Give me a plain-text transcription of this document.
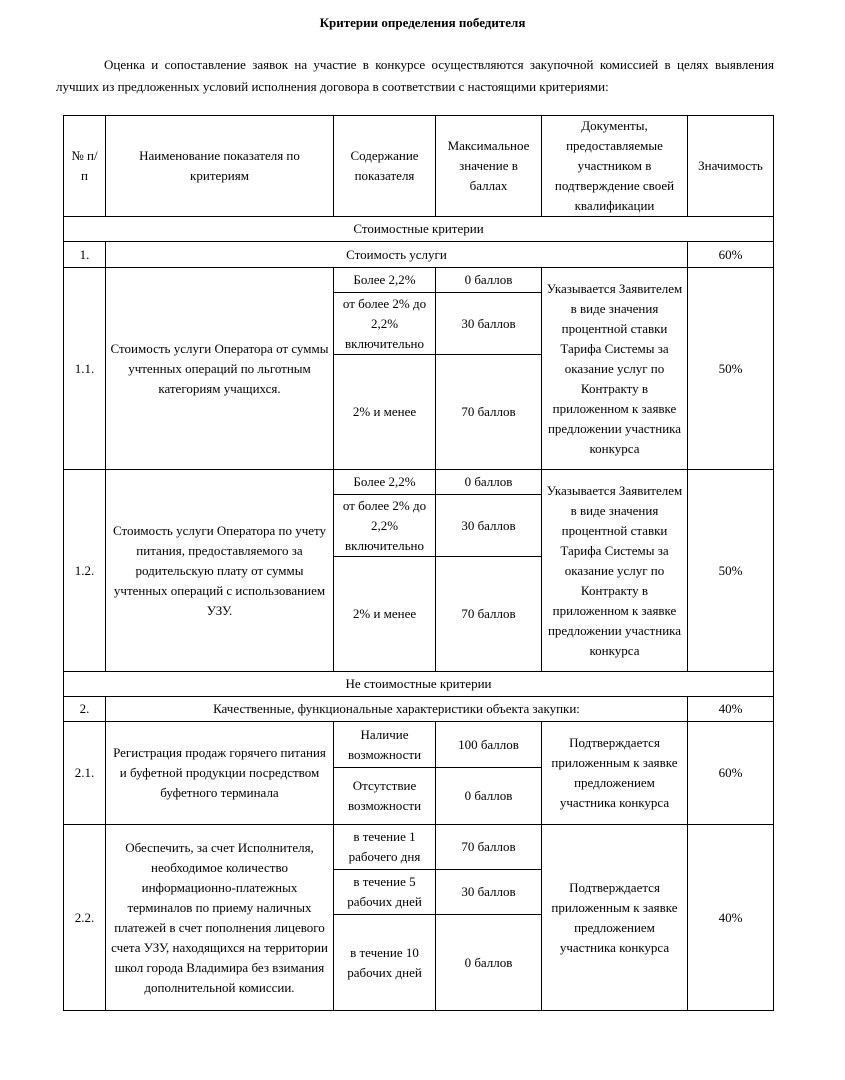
Критерии определения победителя
Оценка и сопоставление заявок на участие в конкурсе осуществляются закупочной комиссией в целях выявления лучших из предложенных условий исполнения договора в соответствии с настоящими критериями:
№ п/п	Наименование показателя по критериям	Содержание показателя	Максимальное значение в баллах	Документы, предоставляемые участником в подтверждение своей квалификации	Значимость
Стоимостные критерии					
1.	Стоимость услуги				60%
1.1.	Стоимость услуги Оператора от суммы учтенных операций по льготным категориям учащихся.	Более 2,2%	0 баллов	Указывается Заявителем в виде значения процентной ставки Тарифа Системы за оказание услуг по Контракту в приложенном к заявке предложении участника конкурса	50%
		от более 2% до 2,2% включительно	30 баллов		
		2% и менее	70 баллов		
1.2.	Стоимость услуги Оператора по учету питания, предоставляемого за родительскую плату от суммы учтенных операций с использованием УЗУ.	Более 2,2%	0 баллов	Указывается Заявителем в виде значения процентной ставки Тарифа Системы за оказание услуг по Контракту в приложенном к заявке предложении участника конкурса	50%
		от более 2% до 2,2% включительно	30 баллов		
		2% и менее	70 баллов		
Не стоимостные критерии					
2.	Качественные, функциональные характеристики объекта закупки:				40%
2.1.	Регистрация продаж горячего питания и буфетной продукции посредством буфетного терминала	Наличие возможности	100 баллов	Подтверждается приложенным к заявке предложением участника конкурса	60%
		Отсутствие возможности	0 баллов		
2.2.	Обеспечить, за счет Исполнителя, необходимое количество информационно-платежных терминалов по приему наличных платежей в счет пополнения лицевого счета УЗУ, находящихся на территории школ города Владимира без взимания дополнительной комиссии.	в течение 1 рабочего дня	70 баллов	Подтверждается приложенным к заявке предложением участника конкурса	40%
		в течение 5 рабочих дней	30 баллов		
		в течение 10 рабочих дней	0 баллов		
